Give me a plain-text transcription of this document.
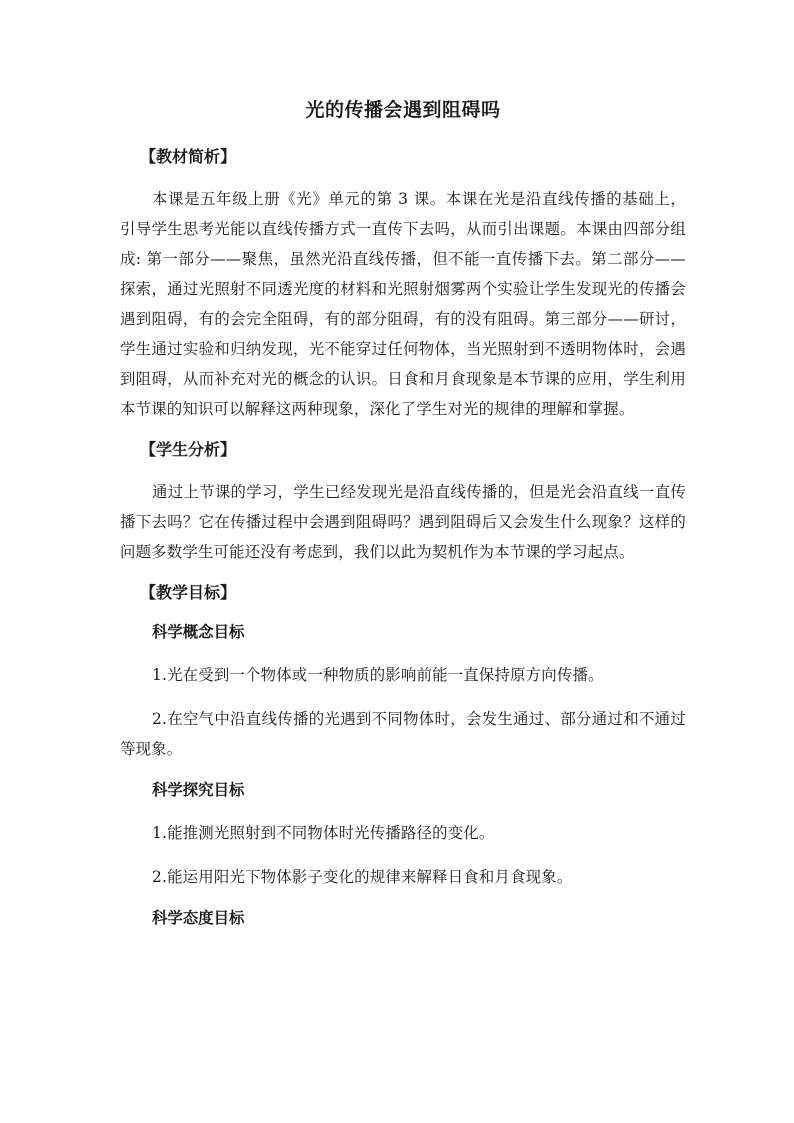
光的传播会遇到阻碍吗
【教材简析】

本课是五年级上册《光》单元的第 3 课。本课在光是沿直线传播的基础上，引导学生思考光能以直线传播方式一直传下去吗，从而引出课题。本课由四部分组成: 第一部分——聚焦，虽然光沿直线传播，但不能一直传播下去。第二部分——探索，通过光照射不同透光度的材料和光照射烟雾两个实验让学生发现光的传播会遇到阻碍，有的会完全阻碍，有的部分阻碍，有的没有阻碍。第三部分——研讨，学生通过实验和归纳发现，光不能穿过任何物体，当光照射到不透明物体时，会遇到阻碍，从而补充对光的概念的认识。日食和月食现象是本节课的应用，学生利用本节课的知识可以解释这两种现象，深化了学生对光的规律的理解和掌握。

【学生分析】

通过上节课的学习，学生已经发现光是沿直线传播的，但是光会沿直线一直传播下去吗？它在传播过程中会遇到阻碍吗？遇到阻碍后又会发生什么现象？这样的问题多数学生可能还没有考虑到，我们以此为契机作为本节课的学习起点。

【教学目标】
科学概念目标

1.光在受到一个物体或一种物质的影响前能一直保持原方向传播。

2.在空气中沿直线传播的光遇到不同物体时，会发生通过、部分通过和不通过等现象。

科学探究目标

1.能推测光照射到不同物体时光传播路径的变化。

2.能运用阳光下物体影子变化的规律来解释日食和月食现象。

科学态度目标
